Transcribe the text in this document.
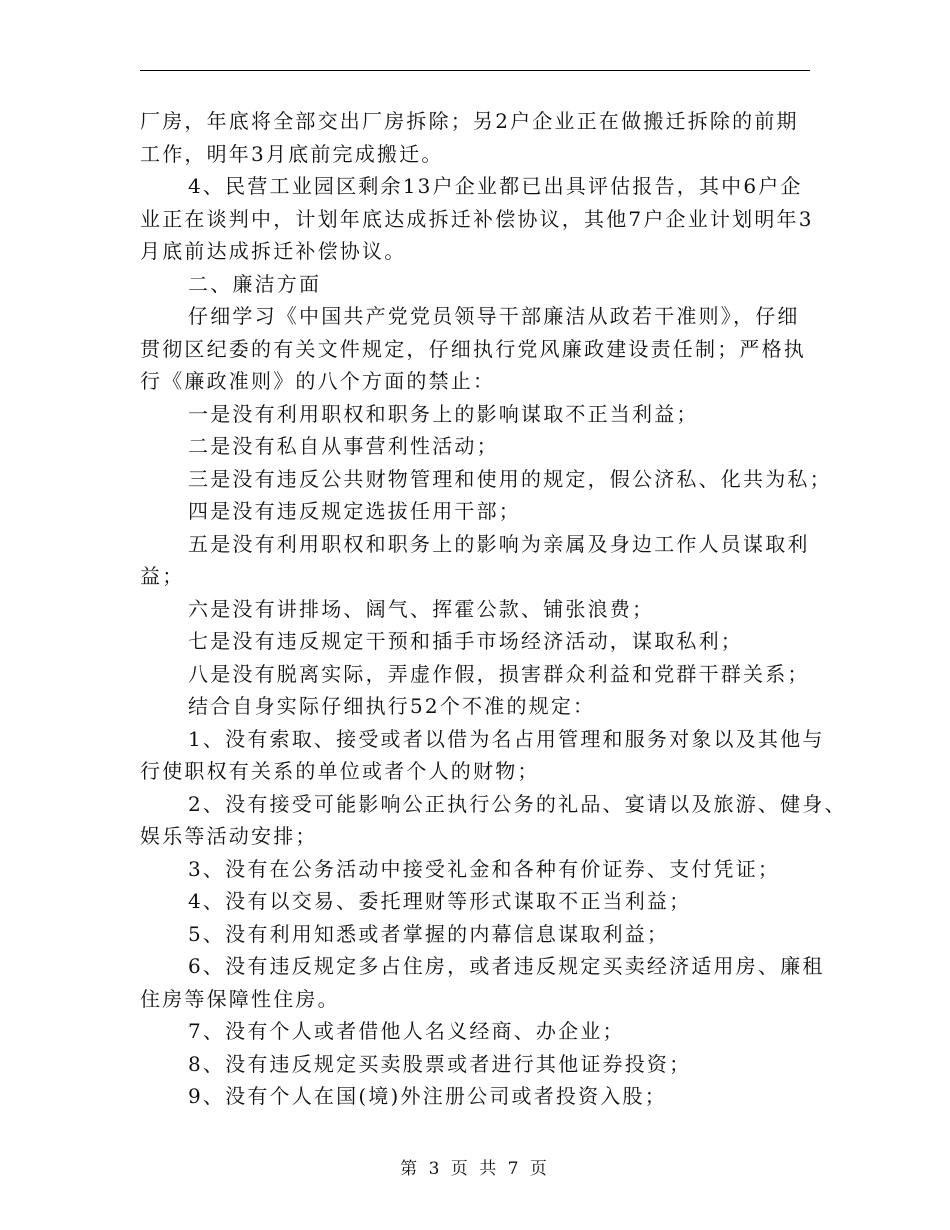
厂房，年底将全部交出厂房拆除；另2户企业正在做搬迁拆除的前期

工作，明年3月底前完成搬迁。

4、民营工业园区剩余13户企业都已出具评估报告，其中6户企

业正在谈判中，计划年底达成拆迁补偿协议，其他7户企业计划明年3

月底前达成拆迁补偿协议。

二、廉洁方面

仔细学习《中国共产党党员领导干部廉洁从政若干准则》，仔细

贯彻区纪委的有关文件规定，仔细执行党风廉政建设责任制；严格执

行《廉政准则》的八个方面的禁止：

一是没有利用职权和职务上的影响谋取不正当利益；

二是没有私自从事营利性活动；

三是没有违反公共财物管理和使用的规定，假公济私、化共为私；

四是没有违反规定选拔任用干部；

五是没有利用职权和职务上的影响为亲属及身边工作人员谋取利

益；

六是没有讲排场、阔气、挥霍公款、铺张浪费；

七是没有违反规定干预和插手市场经济活动，谋取私利；

八是没有脱离实际，弄虚作假，损害群众利益和党群干群关系；

结合自身实际仔细执行52个不准的规定：

1、没有索取、接受或者以借为名占用管理和服务对象以及其他与

行使职权有关系的单位或者个人的财物；

2、没有接受可能影响公正执行公务的礼品、宴请以及旅游、健身、

娱乐等活动安排；

3、没有在公务活动中接受礼金和各种有价证券、支付凭证；

4、没有以交易、委托理财等形式谋取不正当利益；

5、没有利用知悉或者掌握的内幕信息谋取利益；

6、没有违反规定多占住房，或者违反规定买卖经济适用房、廉租

住房等保障性住房。

7、没有个人或者借他人名义经商、办企业；

8、没有违反规定买卖股票或者进行其他证券投资；

9、没有个人在国(境)外注册公司或者投资入股；

第 3 页 共 7 页
